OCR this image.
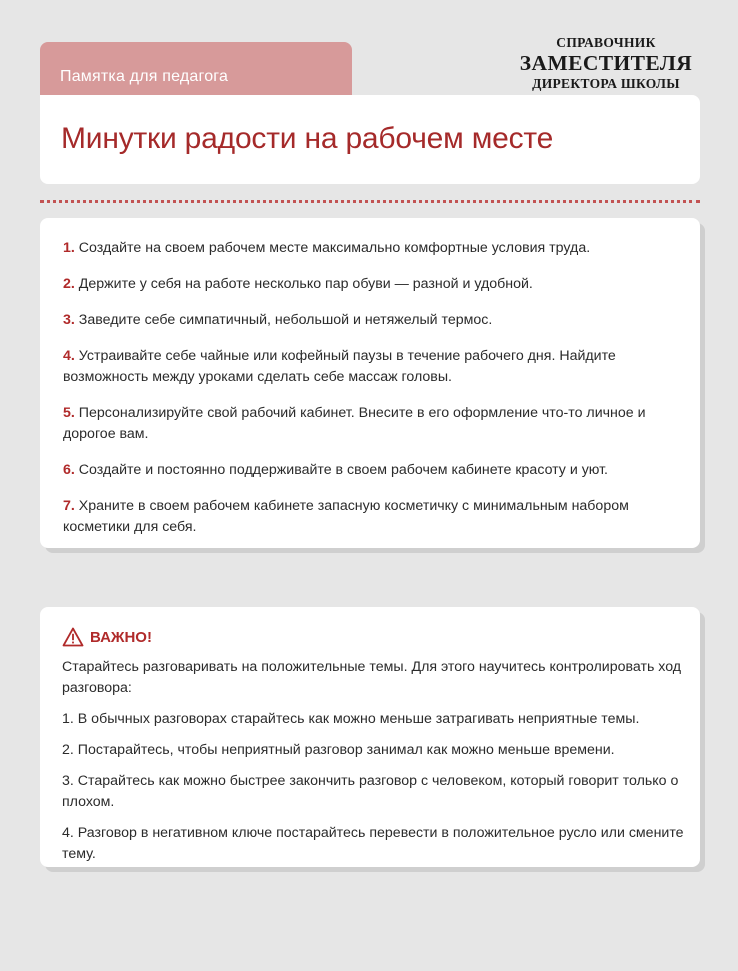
Памятка для педагога
СПРАВОЧНИК
ЗАМЕСТИТЕЛЯ
ДИРЕКТОРА ШКОЛЫ
Минутки радости на рабочем месте
1. Создайте на своем рабочем месте максимально комфортные условия труда.
2. Держите у себя на работе несколько пар обуви — разной и удобной.
3. Заведите себе симпатичный, небольшой и нетяжелый термос.
4. Устраивайте себе чайные или кофейный паузы в течение рабочего дня. Найдите возможность между уроками сделать себе массаж головы.
5. Персонализируйте свой рабочий кабинет. Внесите в его оформление что-то личное и дорогое вам.
6. Создайте и постоянно поддерживайте в своем рабочем кабинете красоту и уют.
7. Храните в своем рабочем кабинете запасную косметичку с минимальным набором косметики для себя.
ВАЖНО!

Старайтесь разговаривать на положительные темы. Для этого научитесь контролировать ход разговора:

1. В обычных разговорах старайтесь как можно меньше затрагивать неприятные темы.
2. Постарайтесь, чтобы неприятный разговор занимал как можно меньше времени.
3. Старайтесь как можно быстрее закончить разговор с человеком, который говорит только о плохом.
4. Разговор в негативном ключе постарайтесь перевести в положительное русло или смените тему.
